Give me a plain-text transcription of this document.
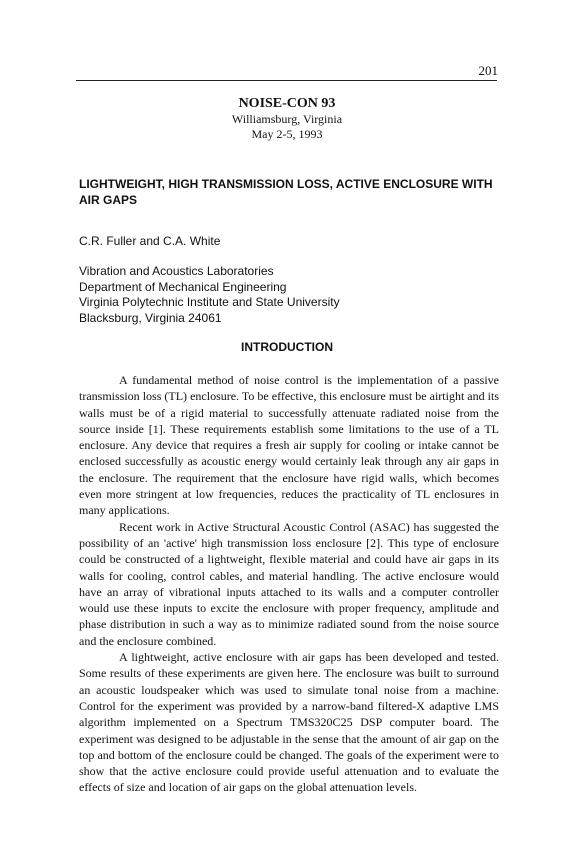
201
NOISE-CON 93
Williamsburg, Virginia
May 2-5, 1993
LIGHTWEIGHT, HIGH TRANSMISSION LOSS, ACTIVE ENCLOSURE WITH AIR GAPS
C.R. Fuller and C.A. White
Vibration and Acoustics Laboratories
Department of Mechanical Engineering
Virginia Polytechnic Institute and State University
Blacksburg, Virginia 24061
INTRODUCTION

A fundamental method of noise control is the implementation of a passive transmission loss (TL) enclosure. To be effective, this enclosure must be airtight and its walls must be of a rigid material to successfully attenuate radiated noise from the source inside [1]. These requirements establish some limitations to the use of a TL enclosure. Any device that requires a fresh air supply for cooling or intake cannot be enclosed successfully as acoustic energy would certainly leak through any air gaps in the enclosure. The requirement that the enclosure have rigid walls, which becomes even more stringent at low frequencies, reduces the practicality of TL enclosures in many applications.

Recent work in Active Structural Acoustic Control (ASAC) has suggested the possibility of an 'active' high transmission loss enclosure [2]. This type of enclosure could be constructed of a lightweight, flexible material and could have air gaps in its walls for cooling, control cables, and material handling. The active enclosure would have an array of vibrational inputs attached to its walls and a computer controller would use these inputs to excite the enclosure with proper frequency, amplitude and phase distribution in such a way as to minimize radiated sound from the noise source and the enclosure combined.

A lightweight, active enclosure with air gaps has been developed and tested. Some results of these experiments are given here. The enclosure was built to surround an acoustic loudspeaker which was used to simulate tonal noise from a machine. Control for the experiment was provided by a narrow-band filtered-X adaptive LMS algorithm implemented on a Spectrum TMS320C25 DSP computer board. The experiment was designed to be adjustable in the sense that the amount of air gap on the top and bottom of the enclosure could be changed. The goals of the experiment were to show that the active enclosure could provide useful attenuation and to evaluate the effects of size and location of air gaps on the global attenuation levels.
